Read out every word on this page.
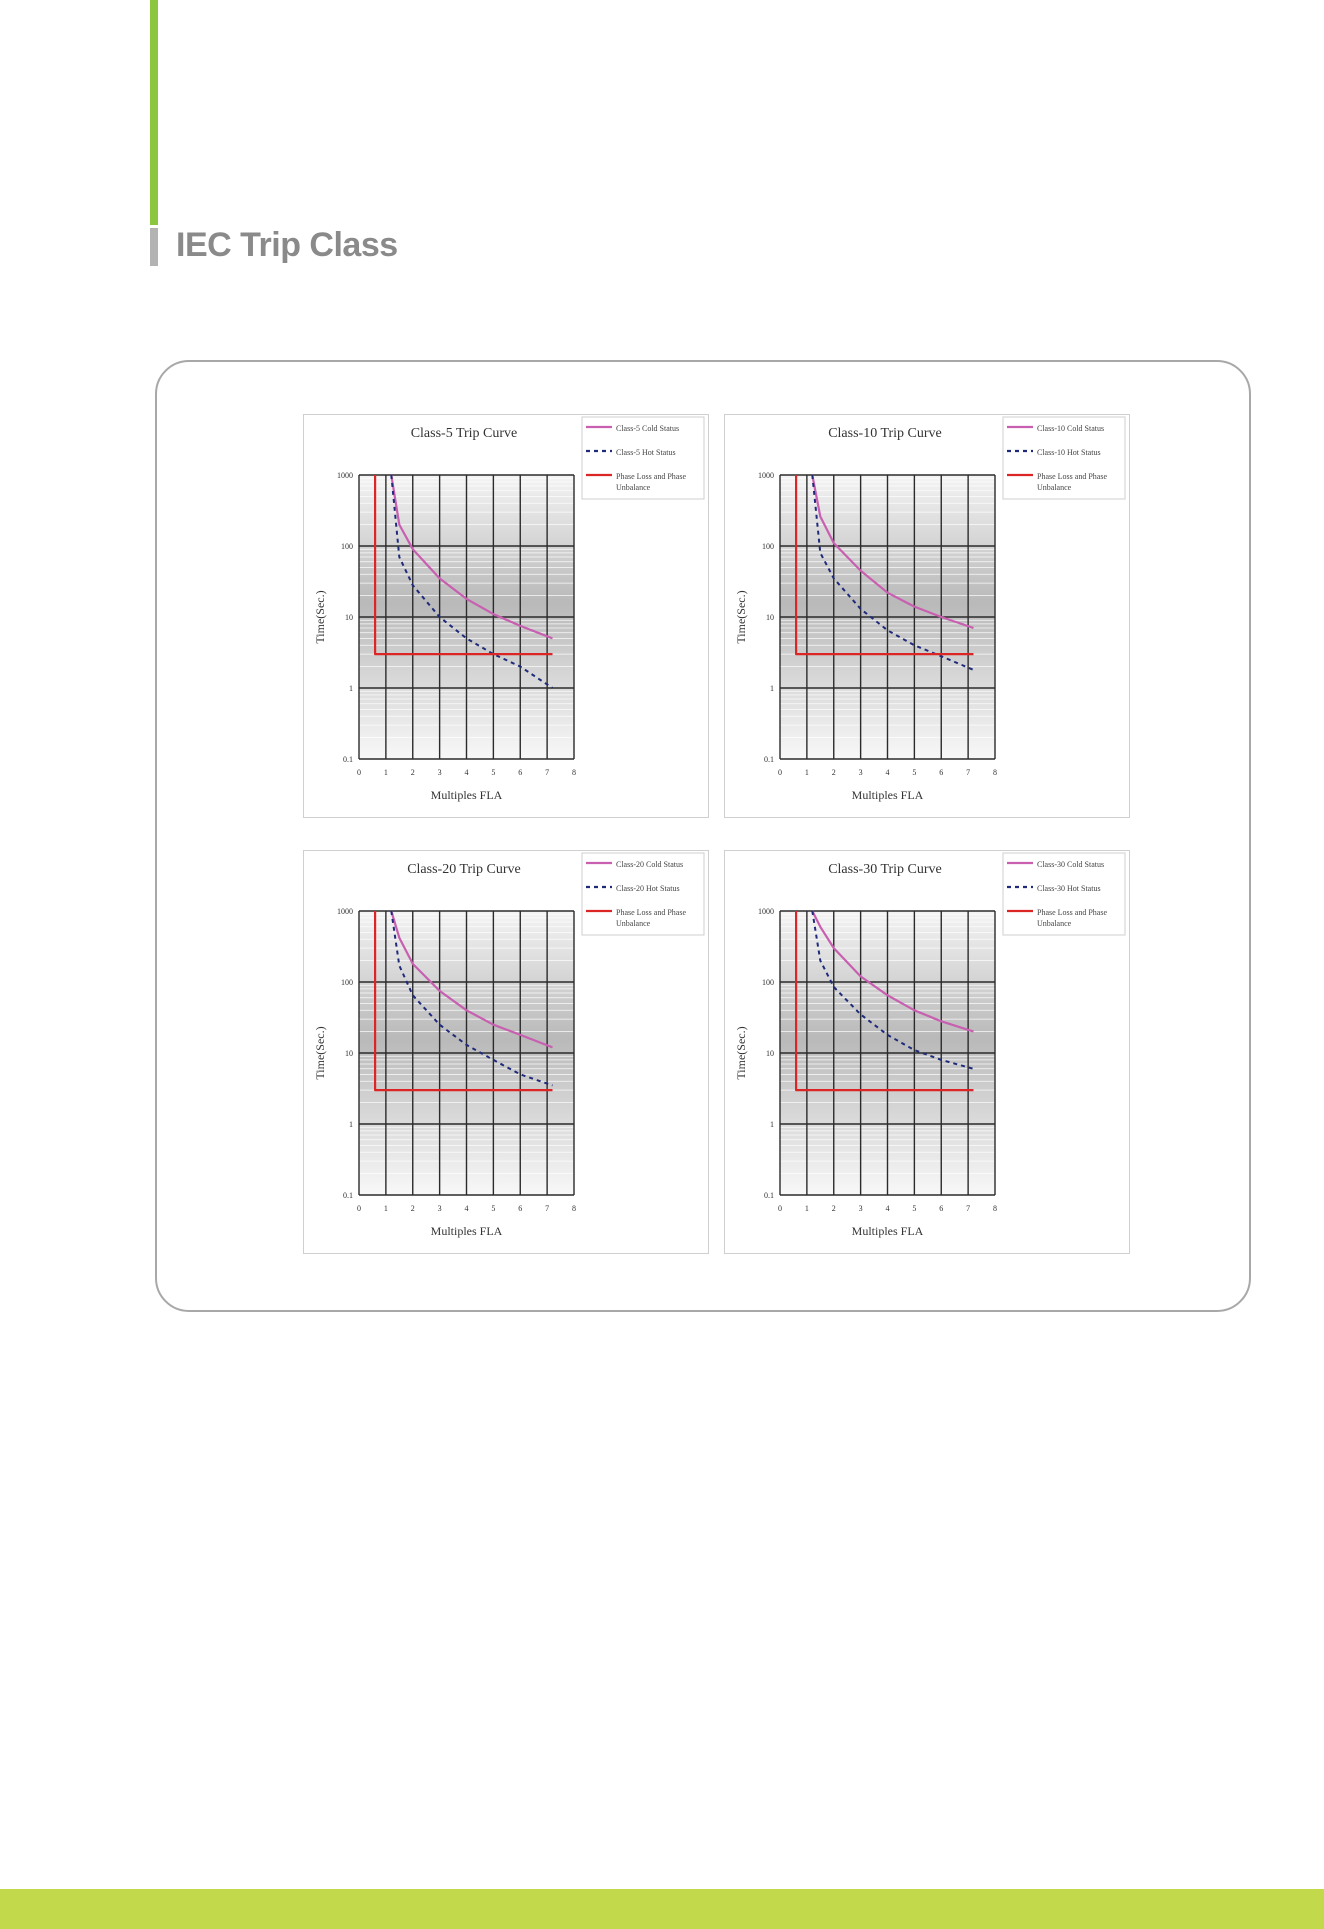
IEC Trip Class
Class-5 Trip Curve
0.1
1
10
100
1000
0	1	2	3	4	5	6	7	8
Multiples FLA
Time(Sec.)
Class-5 Cold Status
Class-5 Hot Status
Phase Loss and Phase Unbalance
Class-10 Trip Curve
0.1
1
10
100
1000
0	1	2	3	4	5	6	7	8
Multiples FLA
Time(Sec.)
Class-10 Cold Status
Class-10 Hot Status
Phase Loss and Phase Unbalance
Class-20 Trip Curve
0.1
1
10
100
1000
0	1	2	3	4	5	6	7	8
Multiples FLA
Time(Sec.)
Class-20 Cold Status
Class-20 Hot Status
Phase Loss and Phase Unbalance
Class-30 Trip Curve
0.1
1
10
100
1000
0	1	2	3	4	5	6	7	8
Multiples FLA
Time(Sec.)
Class-30 Cold Status
Class-30 Hot Status
Phase Loss and Phase Unbalance
